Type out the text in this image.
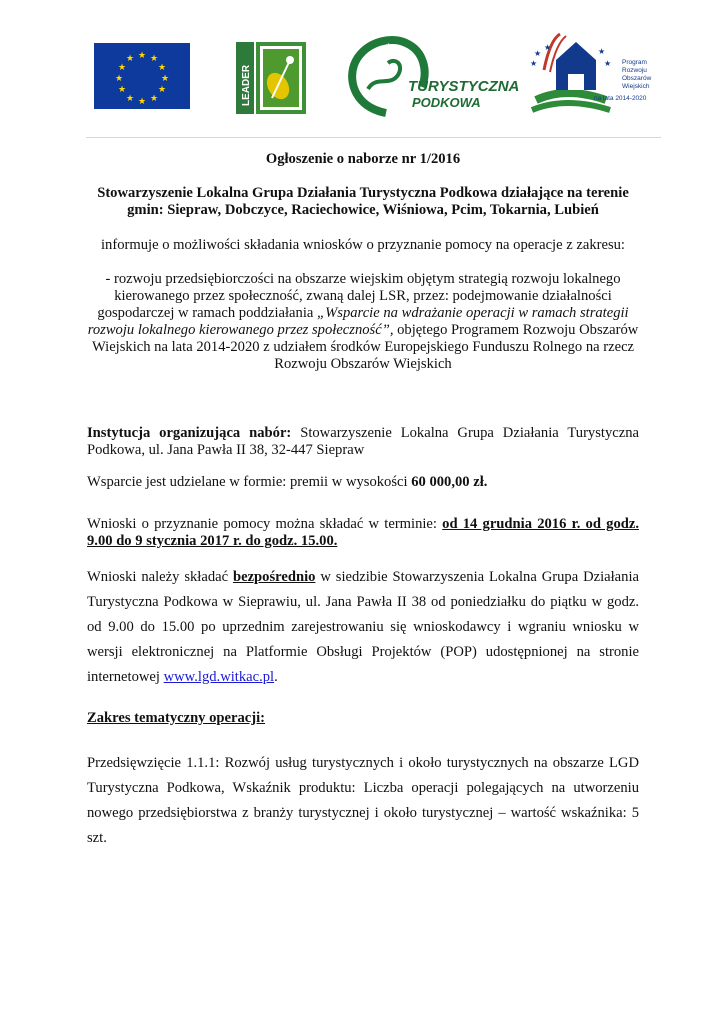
★ ★
★
★
★
★
★
★
★
★
★
★
LEADER
★
★
★
TURYSTYCZNA
PODKOWA
★
★	★
★
★
Program
Rozwoju
Obszarów
Wiejskich
na lata 2014-2020
Ogłoszenie o naborze nr 1/2016
Stowarzyszenie Lokalna Grupa Działania Turystyczna Podkowa działające na terenie gmin: Siepraw, Dobczyce, Raciechowice, Wiśniowa, Pcim, Tokarnia, Lubień
informuje o możliwości składania wniosków o przyznanie pomocy na operacje z zakresu:
- rozwoju przedsiębiorczości na obszarze wiejskim objętym strategią rozwoju lokalnego kierowanego przez społeczność, zwaną dalej LSR, przez: podejmowanie działalności gospodarczej w ramach poddziałania „Wsparcie na wdrażanie operacji w ramach strategii rozwoju lokalnego kierowanego przez społeczność”, objętego Programem Rozwoju Obszarów Wiejskich na lata 2014-2020 z udziałem środków Europejskiego Funduszu Rolnego na rzecz Rozwoju Obszarów Wiejskich
Instytucja organizująca nabór: Stowarzyszenie Lokalna Grupa Działania Turystyczna Podkowa, ul. Jana Pawła II 38, 32-447 Siepraw
Wsparcie jest udzielane w formie: premii w wysokości 60 000,00 zł.
Wnioski o przyznanie pomocy można składać w terminie: od 14 grudnia 2016 r. od godz. 9.00 do 9 stycznia 2017 r. do godz. 15.00.
Wnioski należy składać bezpośrednio w siedzibie Stowarzyszenia Lokalna Grupa Działania Turystyczna Podkowa w Sieprawiu, ul. Jana Pawła II 38 od poniedziałku do piątku w godz. od 9.00 do 15.00 po uprzednim zarejestrowaniu się wnioskodawcy i wgraniu wniosku w wersji elektronicznej na Platformie Obsługi Projektów (POP) udostępnionej na stronie internetowej www.lgd.witkac.pl.
Zakres tematyczny operacji:
Przedsięwzięcie 1.1.1: Rozwój usług turystycznych i około turystycznych na obszarze LGD Turystyczna Podkowa, Wskaźnik produktu: Liczba operacji polegających na utworzeniu nowego przedsiębiorstwa z branży turystycznej i około turystycznej – wartość wskaźnika: 5 szt.
